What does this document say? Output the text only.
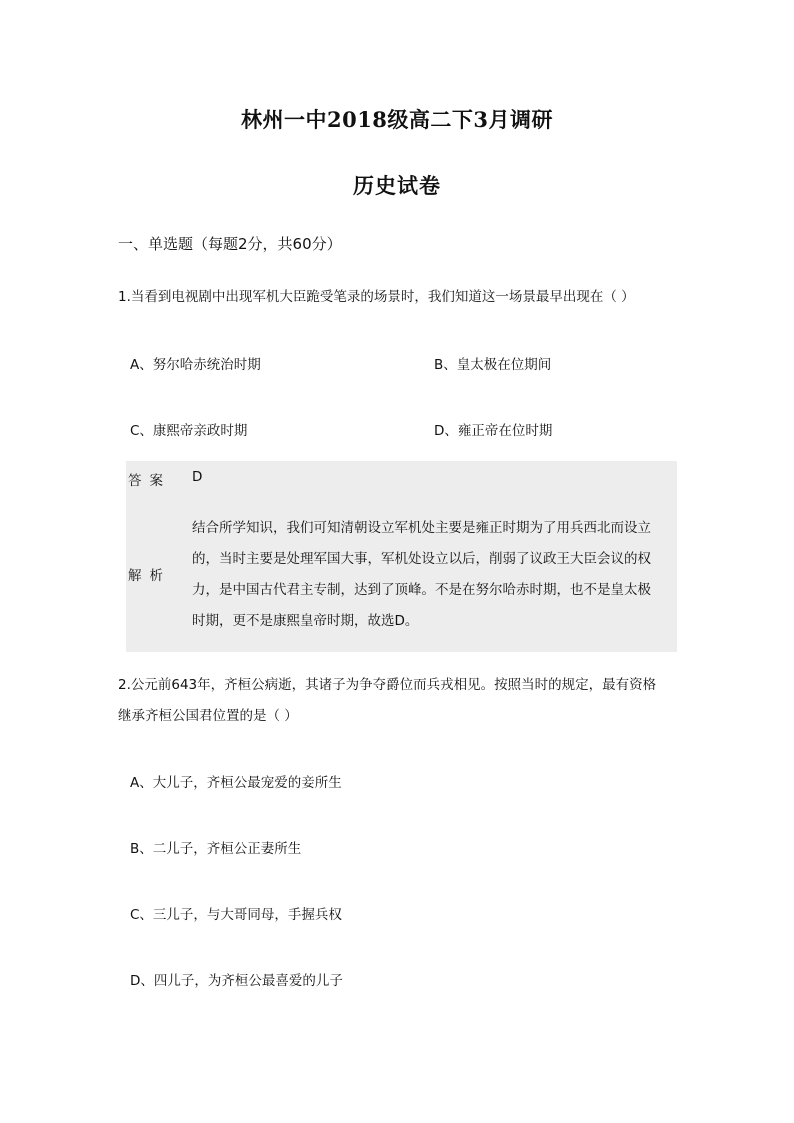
林州一中2018级高二下3月调研
历史试卷
一、单选题（每题2分，共60分）
1.当看到电视剧中出现军机大臣跪受笔录的场景时，我们知道这一场景最早出现在（ ）
A、努尔哈赤统治时期	B、皇太极在位期间
C、康熙帝亲政时期	D、雍正帝在位时期
答案 D
解析
结合所学知识，我们可知清朝设立军机处主要是雍正时期为了用兵西北而设立
的，当时主要是处理军国大事，军机处设立以后，削弱了议政王大臣会议的权
力，是中国古代君主专制，达到了顶峰。不是在努尔哈赤时期，也不是皇太极
时期，更不是康熙皇帝时期，故选D。
2.公元前643年，齐桓公病逝，其诸子为争夺爵位而兵戎相见。按照当时的规定，最有资格
继承齐桓公国君位置的是（ ）
A、大儿子，齐桓公最宠爱的妾所生
B、二儿子，齐桓公正妻所生
C、三儿子，与大哥同母，手握兵权
D、四儿子，为齐桓公最喜爱的儿子
